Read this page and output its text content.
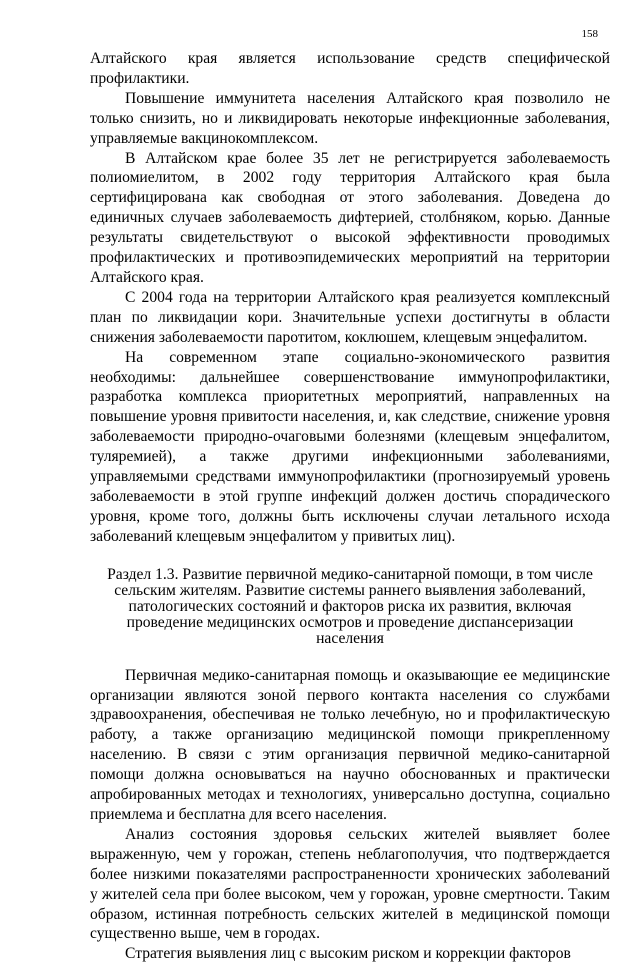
158

Алтайского края является использование средств специфической профилактики.

Повышение иммунитета населения Алтайского края позволило не только снизить, но и ликвидировать некоторые инфекционные заболевания, управляемые вакцинокомплексом.

В Алтайском крае более 35 лет не регистрируется заболеваемость полиомиелитом, в 2002 году территория Алтайского края была сертифицирована как свободная от этого заболевания. Доведена до единичных случаев заболеваемость дифтерией, столбняком, корью. Данные результаты свидетельствуют о высокой эффективности проводимых профилактических и противоэпидемических мероприятий на территории Алтайского края.

С 2004 года на территории Алтайского края реализуется комплексный план по ликвидации кори. Значительные успехи достигнуты в области снижения заболеваемости паротитом, коклюшем, клещевым энцефалитом.

На современном этапе социально-экономического развития необходимы: дальнейшее совершенствование иммунопрофилактики, разработка комплекса приоритетных мероприятий, направленных на повышение уровня привитости населения, и, как следствие, снижение уровня заболеваемости природно-очаговыми болезнями (клещевым энцефалитом, туляремией), а также другими инфекционными заболеваниями, управляемыми средствами иммунопрофилактики (прогнозируемый уровень заболеваемости в этой группе инфекций должен достичь спорадического уровня, кроме того, должны быть исключены случаи летального исхода заболеваний клещевым энцефалитом у привитых лиц).

Раздел 1.3. Развитие первичной медико-санитарной помощи, в том числе сельским жителям. Развитие системы раннего выявления заболеваний, патологических состояний и факторов риска их развития, включая проведение медицинских осмотров и проведение диспансеризации населения

Первичная медико-санитарная помощь и оказывающие ее медицинские организации являются зоной первого контакта населения со службами здравоохранения, обеспечивая не только лечебную, но и профилактическую работу, а также организацию медицинской помощи прикрепленному населению. В связи с этим организация первичной медико-санитарной помощи должна основываться на научно обоснованных и практически апробированных методах и технологиях, универсально доступна, социально приемлема и бесплатна для всего населения.

Анализ состояния здоровья сельских жителей выявляет более выраженную, чем у горожан, степень неблагополучия, что подтверждается более низкими показателями распространенности хронических заболеваний у жителей села при более высоком, чем у горожан, уровне смертности. Таким образом, истинная потребность сельских жителей в медицинской помощи существенно выше, чем в городах.

Стратегия выявления лиц с высоким риском и коррекции факторов
